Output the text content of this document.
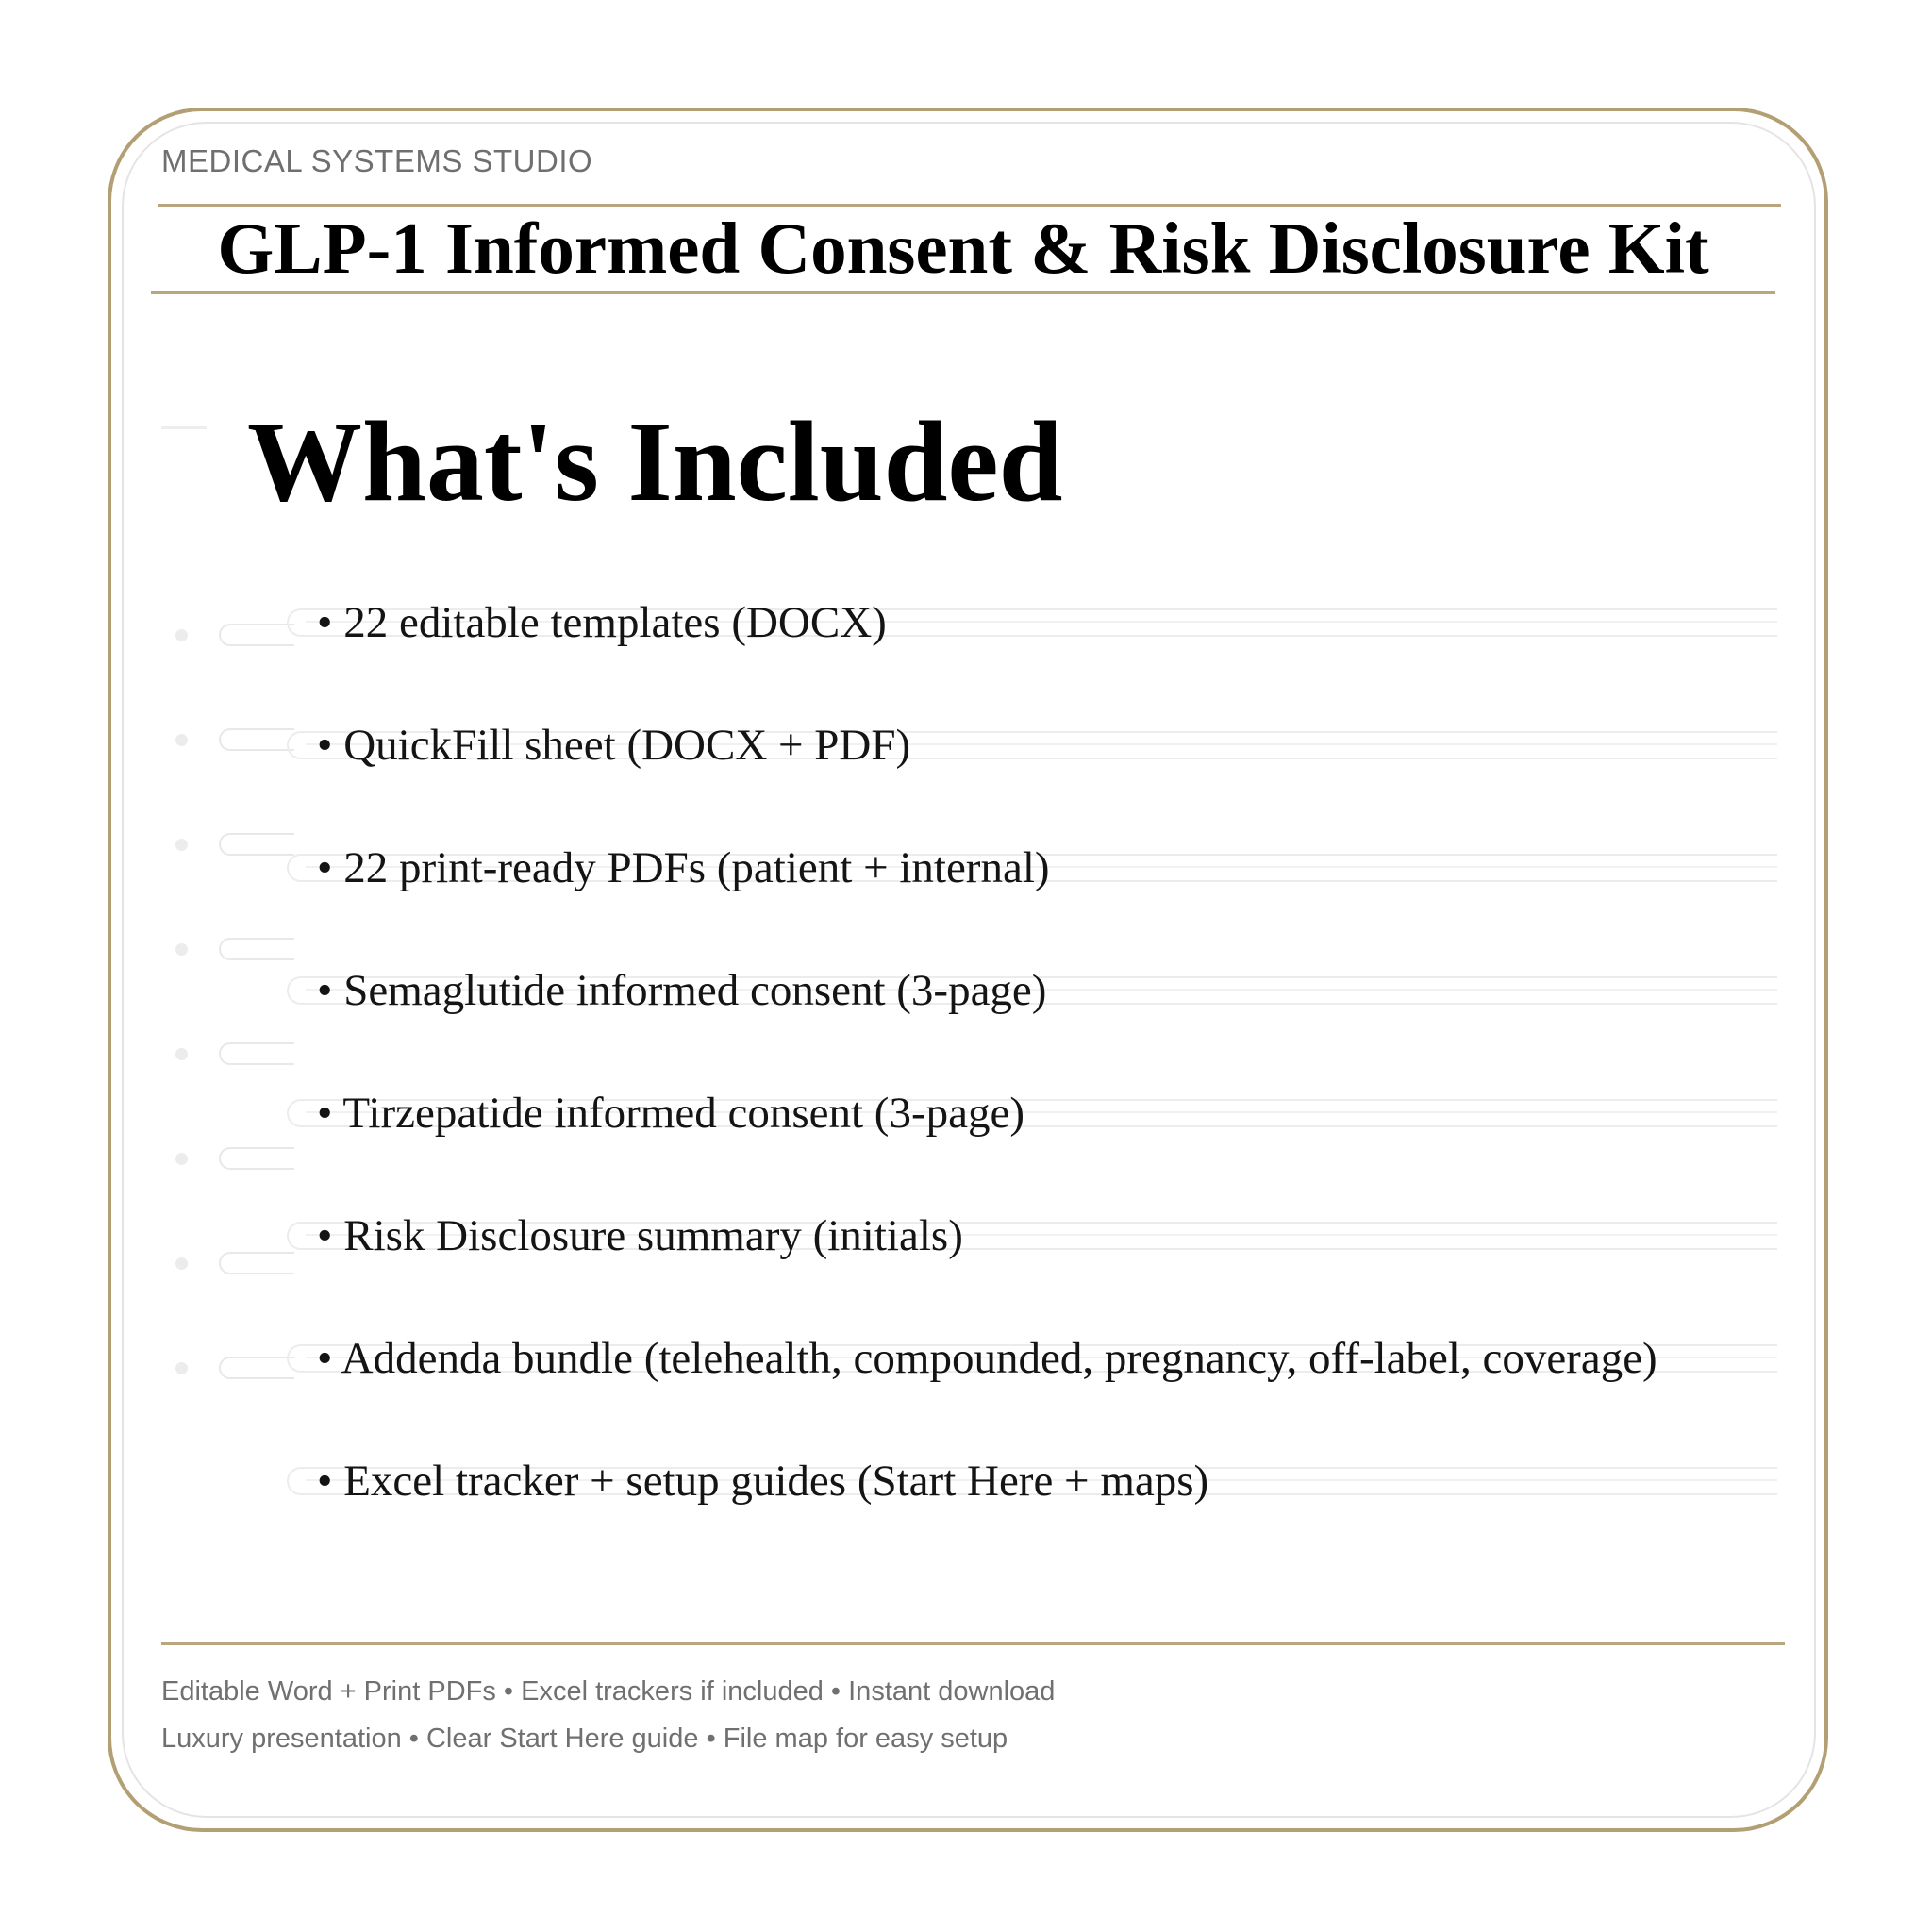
MEDICAL SYSTEMS STUDIO
GLP-1 Informed Consent & Risk Disclosure Kit
What's Included
• 22 editable templates (DOCX)
• QuickFill sheet (DOCX + PDF)
• 22 print-ready PDFs (patient + internal)
• Semaglutide informed consent (3-page)
• Tirzepatide informed consent (3-page)
• Risk Disclosure summary (initials)
• Addenda bundle (telehealth, compounded, pregnancy, off-label, coverage)
• Excel tracker + setup guides (Start Here + maps)
Editable Word + Print PDFs • Excel trackers if included • Instant download
Luxury presentation • Clear Start Here guide • File map for easy setup
